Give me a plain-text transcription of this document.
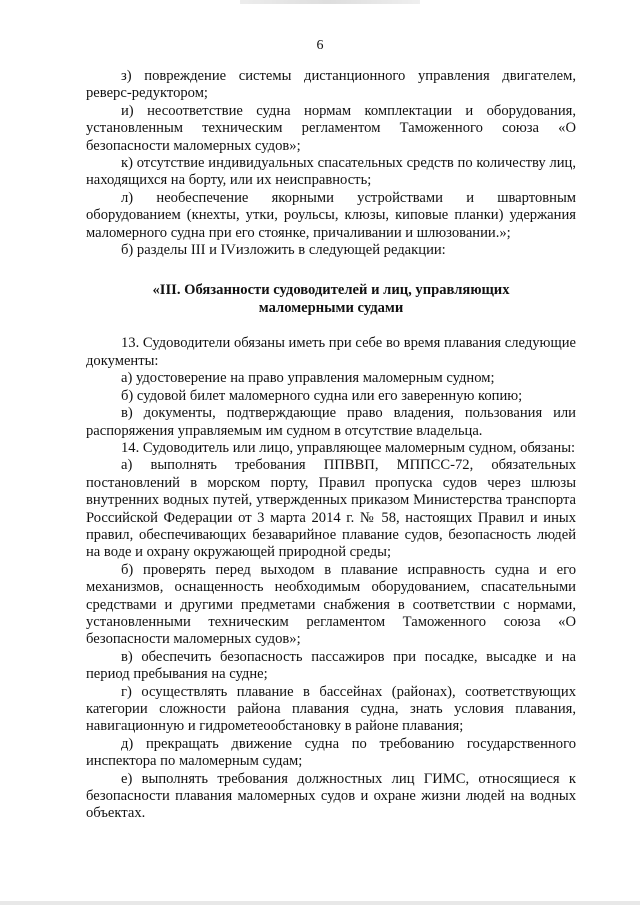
6

з) повреждение системы дистанционного управления двигателем, реверс-редуктором;

и) несоответствие судна нормам комплектации и оборудования, установленным техническим регламентом Таможенного союза «О безопасности маломерных судов»;

к) отсутствие индивидуальных спасательных средств по количеству лиц, находящихся на борту, или их неисправность;

л) необеспечение якорными устройствами и швартовным оборудованием (кнехты, утки, роульсы, клюзы, киповые планки) удержания маломерного судна при его стоянке, причаливании и шлюзовании.»;

б) разделы III и IVизложить в следующей редакции:

«III. Обязанности судоводителей и лиц, управляющих
маломерными судами

13. Судоводители обязаны иметь при себе во время плавания следующие документы:

а) удостоверение на право управления маломерным судном;

б) судовой билет маломерного судна или его заверенную копию;

в) документы, подтверждающие право владения, пользования или распоряжения управляемым им судном в отсутствие владельца.

14. Судоводитель или лицо, управляющее маломерным судном, обязаны:

а) выполнять требования ППВВП, МППСС-72, обязательных постановлений в морском порту, Правил пропуска судов через шлюзы внутренних водных путей, утвержденных приказом Министерства транспорта Российской Федерации от 3 марта 2014 г. № 58, настоящих Правил и иных правил, обеспечивающих безаварийное плавание судов, безопасность людей на воде и охрану окружающей природной среды;

б) проверять перед выходом в плавание исправность судна и его механизмов, оснащенность необходимым оборудованием, спасательными средствами и другими предметами снабжения в соответствии с нормами, установленными техническим регламентом Таможенного союза «О безопасности маломерных судов»;

в) обеспечить безопасность пассажиров при посадке, высадке и на период пребывания на судне;

г) осуществлять плавание в бассейнах (районах), соответствующих категории сложности района плавания судна, знать условия плавания, навигационную и гидрометеообстановку в районе плавания;

д) прекращать движение судна по требованию государственного инспектора по маломерным судам;

е) выполнять требования должностных лиц ГИМС, относящиеся к безопасности плавания маломерных судов и охране жизни людей на водных объектах.
